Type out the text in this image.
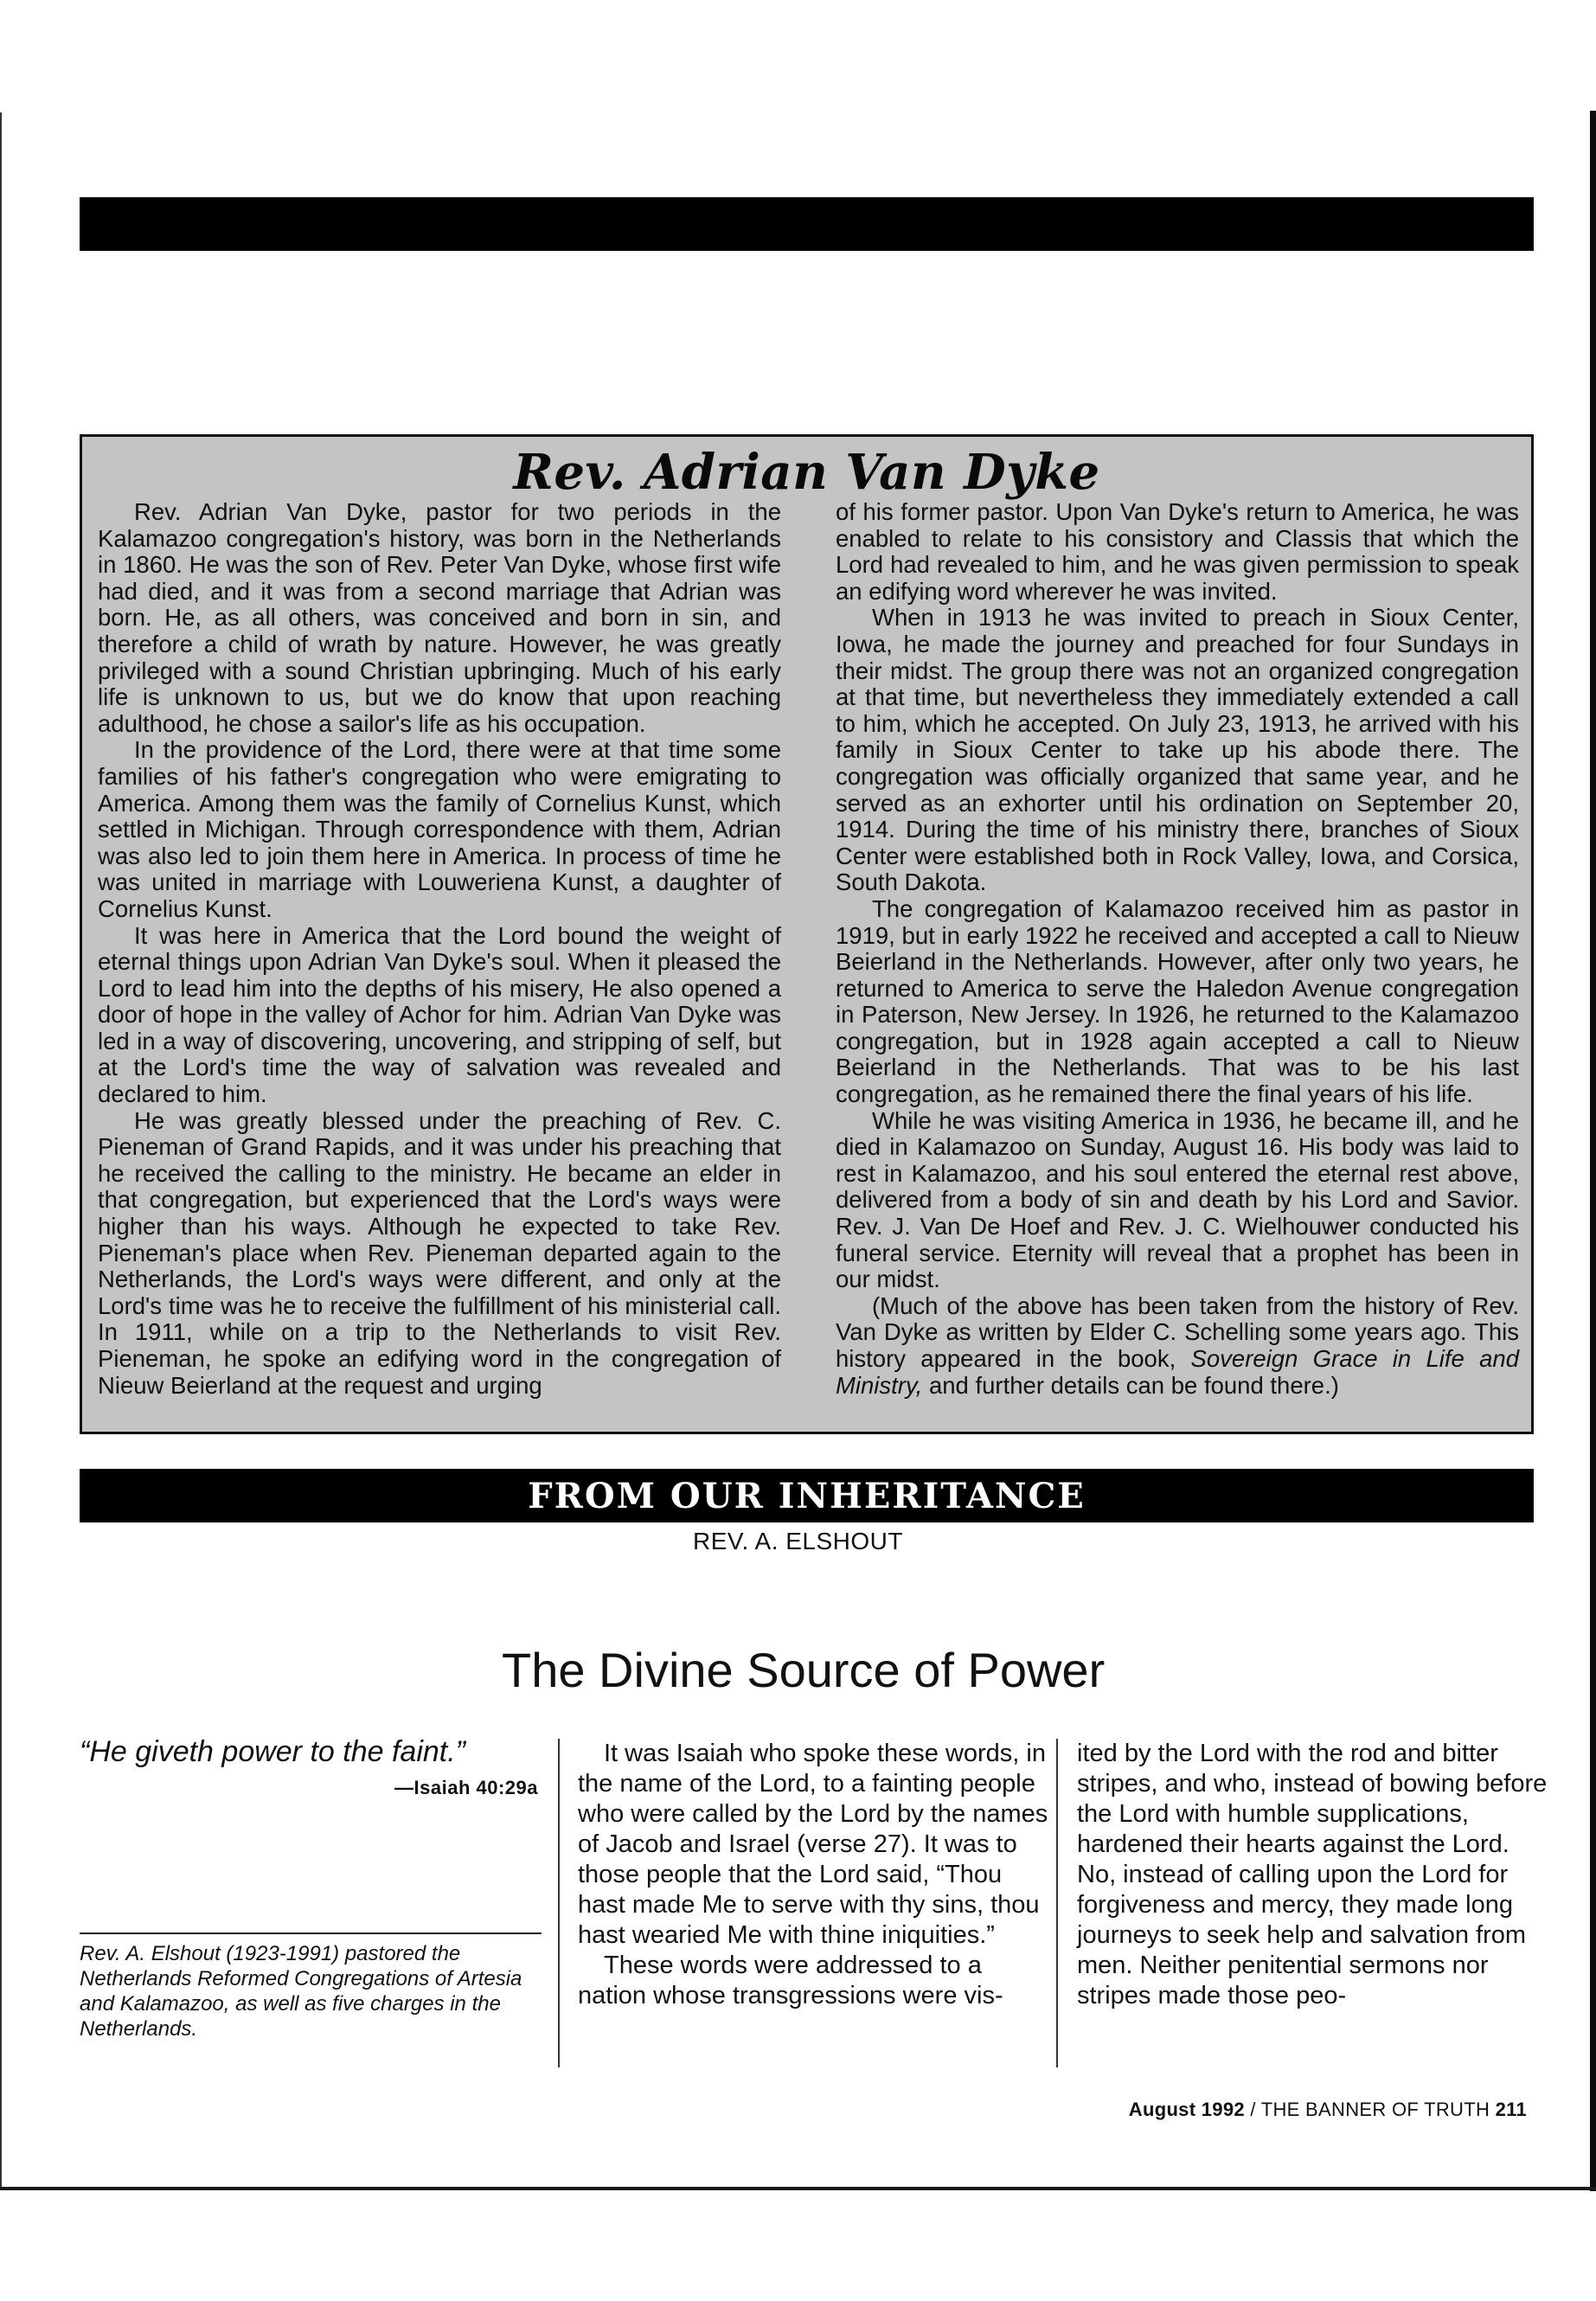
Rev. Adrian Van Dyke

Rev. Adrian Van Dyke, pastor for two periods in the Kalamazoo congregation's history, was born in the Netherlands in 1860. He was the son of Rev. Peter Van Dyke, whose first wife had died, and it was from a second marriage that Adrian was born. He, as all others, was conceived and born in sin, and therefore a child of wrath by nature. However, he was greatly privileged with a sound Christian upbringing. Much of his early life is unknown to us, but we do know that upon reaching adulthood, he chose a sailor's life as his occupation.

In the providence of the Lord, there were at that time some families of his father's congregation who were emigrating to America. Among them was the family of Cornelius Kunst, which settled in Michigan. Through correspondence with them, Adrian was also led to join them here in America. In process of time he was united in marriage with Louweriena Kunst, a daughter of Cornelius Kunst.

It was here in America that the Lord bound the weight of eternal things upon Adrian Van Dyke's soul. When it pleased the Lord to lead him into the depths of his misery, He also opened a door of hope in the valley of Achor for him. Adrian Van Dyke was led in a way of discovering, uncovering, and stripping of self, but at the Lord's time the way of salvation was revealed and declared to him.

He was greatly blessed under the preaching of Rev. C. Pieneman of Grand Rapids, and it was under his preaching that he received the calling to the ministry. He became an elder in that congregation, but experienced that the Lord's ways were higher than his ways. Although he expected to take Rev. Pieneman's place when Rev. Pieneman departed again to the Netherlands, the Lord's ways were different, and only at the Lord's time was he to receive the fulfillment of his ministerial call. In 1911, while on a trip to the Netherlands to visit Rev. Pieneman, he spoke an edifying word in the congregation of Nieuw Beierland at the request and urging

of his former pastor. Upon Van Dyke's return to America, he was enabled to relate to his consistory and Classis that which the Lord had revealed to him, and he was given permission to speak an edifying word wherever he was invited.

When in 1913 he was invited to preach in Sioux Center, Iowa, he made the journey and preached for four Sundays in their midst. The group there was not an organized congregation at that time, but nevertheless they immediately extended a call to him, which he accepted. On July 23, 1913, he arrived with his family in Sioux Center to take up his abode there. The congregation was officially organized that same year, and he served as an exhorter until his ordination on September 20, 1914. During the time of his ministry there, branches of Sioux Center were established both in Rock Valley, Iowa, and Corsica, South Dakota.

The congregation of Kalamazoo received him as pastor in 1919, but in early 1922 he received and accepted a call to Nieuw Beierland in the Netherlands. However, after only two years, he returned to America to serve the Haledon Avenue congregation in Paterson, New Jersey. In 1926, he returned to the Kalamazoo congregation, but in 1928 again accepted a call to Nieuw Beierland in the Netherlands. That was to be his last congregation, as he remained there the final years of his life.

While he was visiting America in 1936, he became ill, and he died in Kalamazoo on Sunday, August 16. His body was laid to rest in Kalamazoo, and his soul entered the eternal rest above, delivered from a body of sin and death by his Lord and Savior. Rev. J. Van De Hoef and Rev. J. C. Wielhouwer conducted his funeral service. Eternity will reveal that a prophet has been in our midst.

(Much of the above has been taken from the history of Rev. Van Dyke as written by Elder C. Schelling some years ago. This history appeared in the book, Sovereign Grace in Life and Ministry, and further details can be found there.)

FROM OUR INHERITANCE
REV. A. ELSHOUT
The Divine Source of Power
“He giveth power to the faint.”
—Isaiah 40:29a
Rev. A. Elshout (1923-1991) pastored the Netherlands Reformed Congregations of Artesia and Kalamazoo, as well as five charges in the Netherlands.

It was Isaiah who spoke these words, in the name of the Lord, to a fainting people who were called by the Lord by the names of Jacob and Israel (verse 27). It was to those people that the Lord said, “Thou hast made Me to serve with thy sins, thou hast wearied Me with thine iniquities.”

These words were addressed to a nation whose transgressions were vis-

ited by the Lord with the rod and bitter stripes, and who, instead of bowing before the Lord with humble supplications, hardened their hearts against the Lord. No, instead of calling upon the Lord for forgiveness and mercy, they made long journeys to seek help and salvation from men. Neither penitential sermons nor stripes made those peo-

August 1992 / THE BANNER OF TRUTH 211
